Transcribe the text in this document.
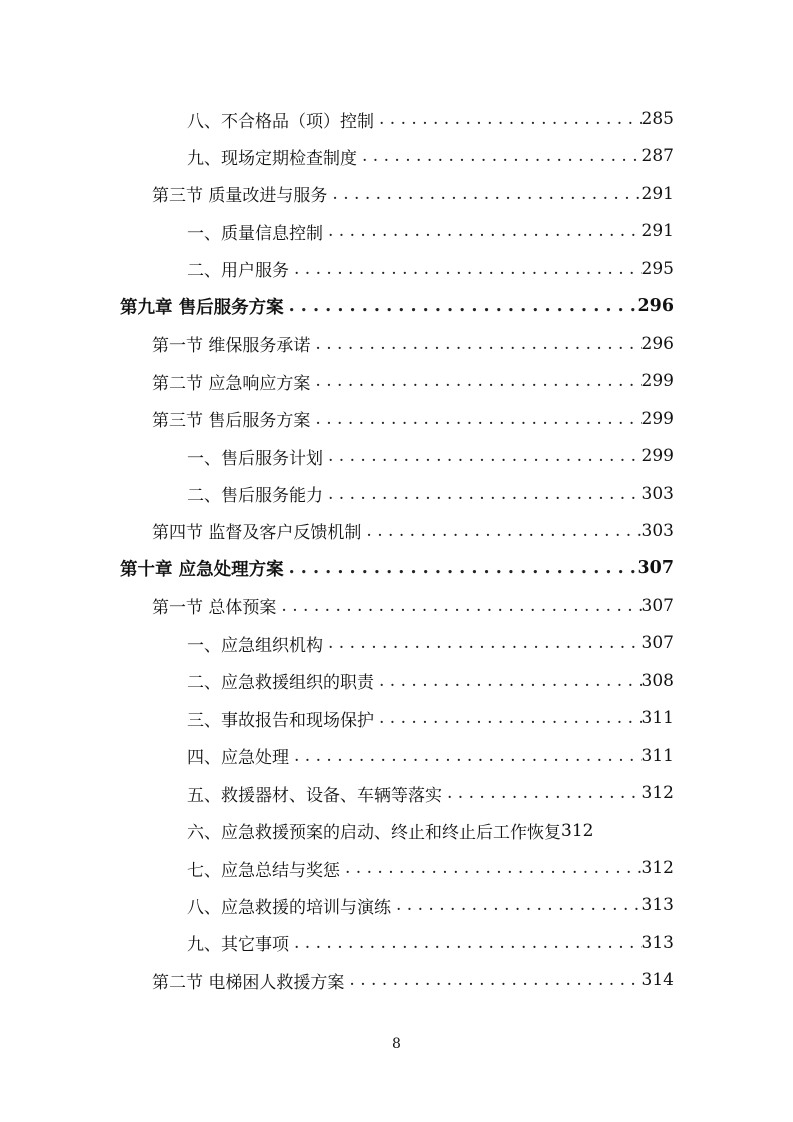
八、不合格品（项）控制 . . .	285
九、现场定期检查制度 . . .	287
第三节 质量改进与服务 . . .	291
一、质量信息控制 . . .	291
二、用户服务 . . .	295
第九章 售后服务方案 . . .	296
第一节 维保服务承诺 . . .	296
第二节 应急响应方案 . . .	299
第三节 售后服务方案 . . .	299
一、售后服务计划 . . .	299
二、售后服务能力 . . .	303
第四节 监督及客户反馈机制 . . .	303
第十章 应急处理方案 . . .	307
第一节 总体预案 . . .	307
一、应急组织机构 . . .	307
二、应急救援组织的职责 . . .	308
三、事故报告和现场保护 . . .	311
四、应急处理 . . .	311
五、救援器材、设备、车辆等落实 . . .	312
六、应急救援预案的启动、终止和终止后工作恢复 312
七、应急总结与奖惩 . . .	312
八、应急救援的培训与演练 . . .	313
九、其它事项 . . .	313
第二节 电梯困人救援方案 . . .	314
8
